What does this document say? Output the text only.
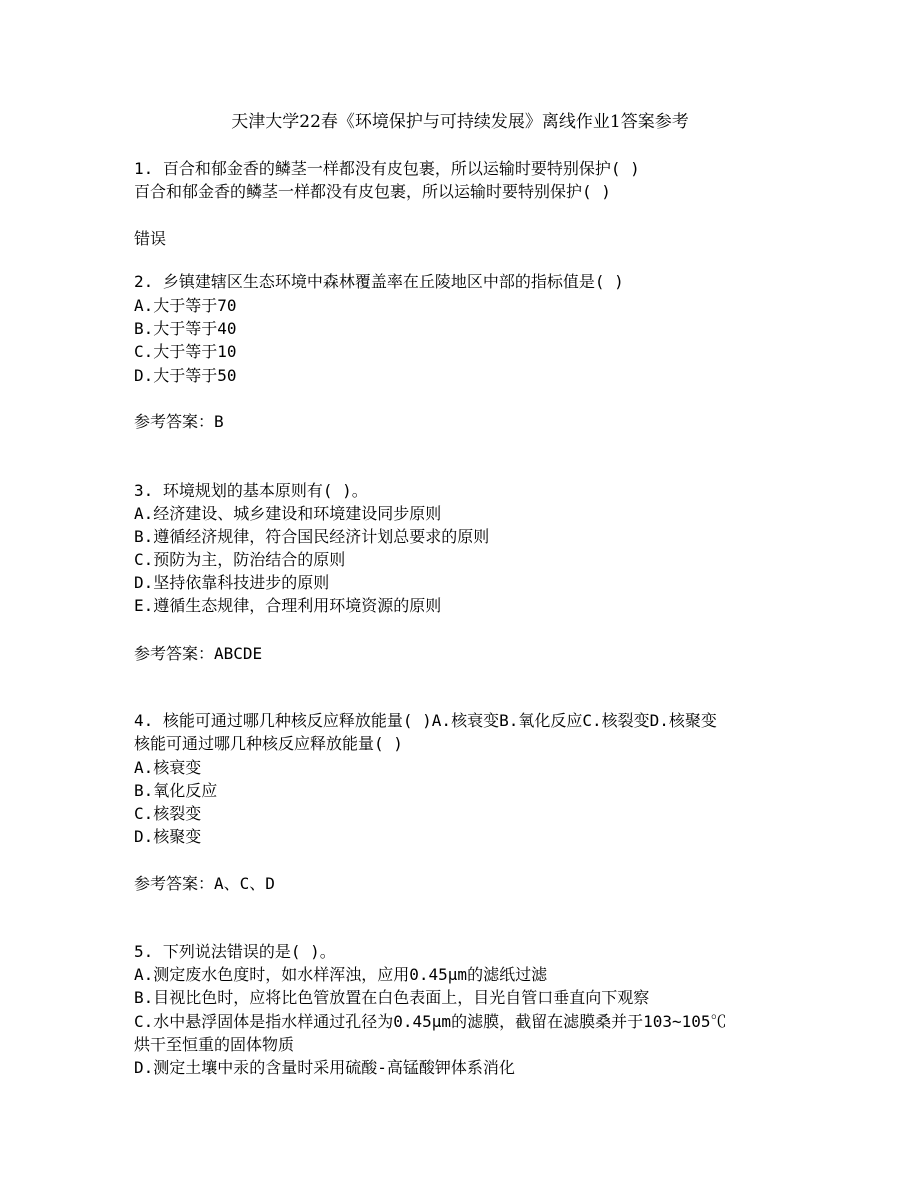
天津大学22春《环境保护与可持续发展》离线作业1答案参考
1. 百合和郁金香的鳞茎一样都没有皮包裹，所以运输时要特别保护( )
百合和郁金香的鳞茎一样都没有皮包裹，所以运输时要特别保护( )
错误
2. 乡镇建辖区生态环境中森林覆盖率在丘陵地区中部的指标值是( )
A.大于等于70
B.大于等于40
C.大于等于10
D.大于等于50
参考答案：B
3. 环境规划的基本原则有( )。
A.经济建设、城乡建设和环境建设同步原则
B.遵循经济规律，符合国民经济计划总要求的原则
C.预防为主，防治结合的原则
D.坚持依靠科技进步的原则
E.遵循生态规律，合理利用环境资源的原则
参考答案：ABCDE
4. 核能可通过哪几种核反应释放能量( )A.核衰变B.氧化反应C.核裂变D.核聚变
核能可通过哪几种核反应释放能量( )
A.核衰变
B.氧化反应
C.核裂变
D.核聚变
参考答案：A、C、D
5. 下列说法错误的是( )。
A.测定废水色度时，如水样浑浊，应用0.45μm的滤纸过滤
B.目视比色时，应将比色管放置在白色表面上，目光自管口垂直向下观察
C.水中悬浮固体是指水样通过孔径为0.45μm的滤膜，截留在滤膜桑并于103~105℃
烘干至恒重的固体物质
D.测定土壤中汞的含量时采用硫酸-高锰酸钾体系消化
